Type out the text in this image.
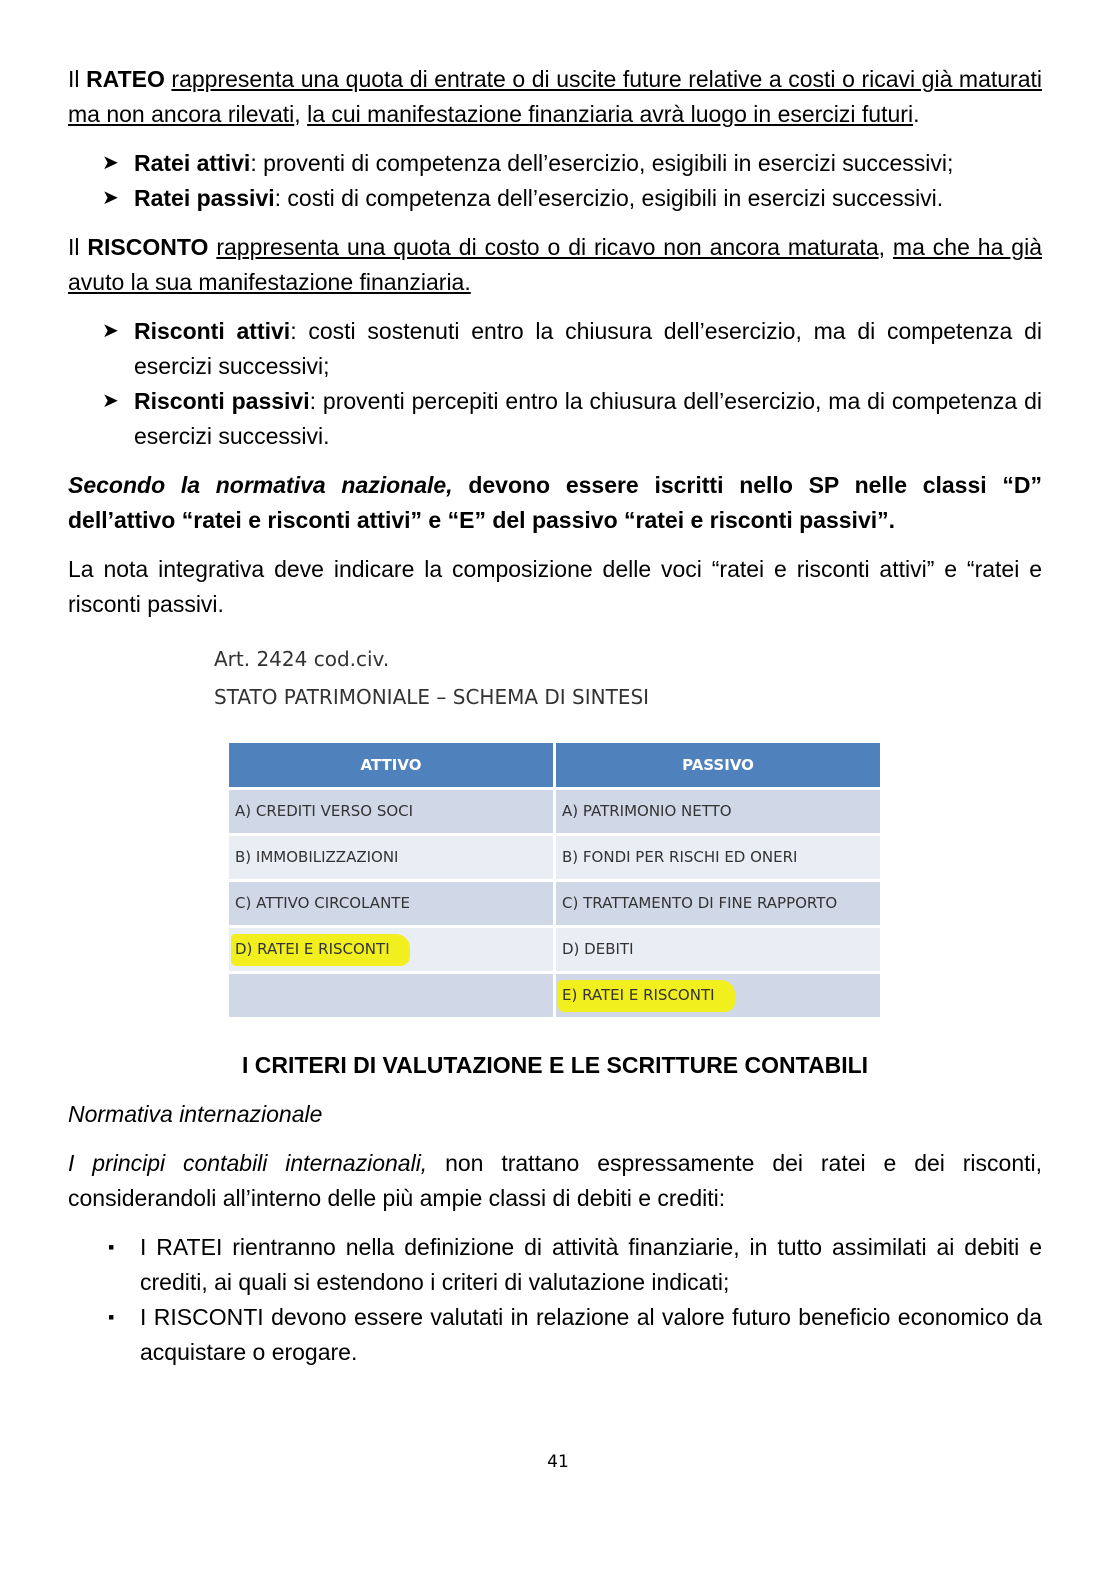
Il RATEO rappresenta una quota di entrate o di uscite future relative a costi o ricavi già maturati ma non ancora rilevati, la cui manifestazione finanziaria avrà luogo in esercizi futuri.

➤ Ratei attivi: proventi di competenza dell’esercizio, esigibili in esercizi successivi;
➤ Ratei passivi: costi di competenza dell’esercizio, esigibili in esercizi successivi.

Il RISCONTO rappresenta una quota di costo o di ricavo non ancora maturata, ma che ha già avuto la sua manifestazione finanziaria.

➤ Risconti attivi: costi sostenuti entro la chiusura dell’esercizio, ma di competenza di esercizi successivi;
➤ Risconti passivi: proventi percepiti entro la chiusura dell’esercizio, ma di competenza di esercizi successivi.

Secondo la normativa nazionale, devono essere iscritti nello SP nelle classi “D” dell’attivo “ratei e risconti attivi” e “E” del passivo “ratei e risconti passivi”.

La nota integrativa deve indicare la composizione delle voci “ratei e risconti attivi” e “ratei e risconti passivi.

Art. 2424 cod.civ.
STATO PATRIMONIALE – SCHEMA DI SINTESI
ATTIVO	PASSIVO
A) CREDITI VERSO SOCI	A) PATRIMONIO NETTO
B) IMMOBILIZZAZIONI	B) FONDI PER RISCHI ED ONERI
C) ATTIVO CIRCOLANTE	C) TRATTAMENTO DI FINE RAPPORTO
D) RATEI E RISCONTI	D) DEBITI
	E) RATEI E RISCONTI
I CRITERI DI VALUTAZIONE E LE SCRITTURE CONTABILI

Normativa internazionale

I principi contabili internazionali, non trattano espressamente dei ratei e dei risconti, considerandoli all’interno delle più ampie classi di debiti e crediti:

▪ I RATEI rientranno nella definizione di attività finanziarie, in tutto assimilati ai debiti e crediti, ai quali si estendono i criteri di valutazione indicati;
▪ I RISCONTI devono essere valutati in relazione al valore futuro beneficio economico da acquistare o erogare.
41
